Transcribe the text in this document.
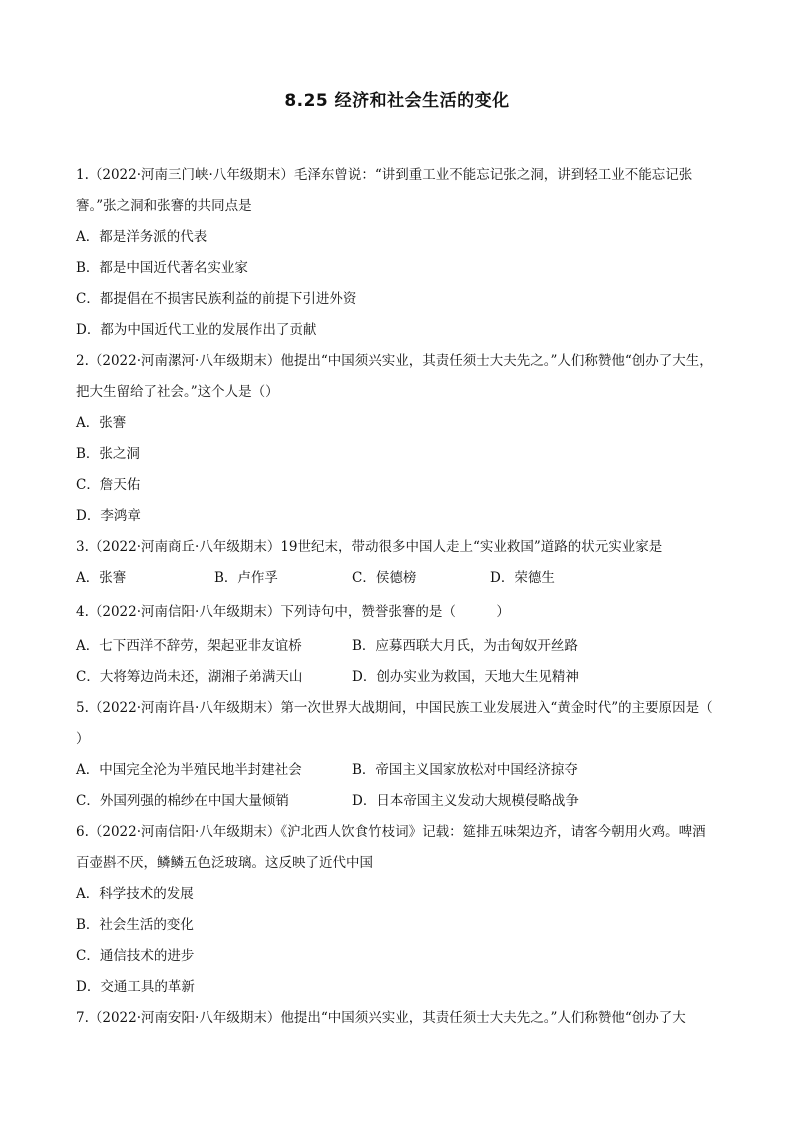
8.25 经济和社会生活的变化
1.（2022·河南三门峡·八年级期末）毛泽东曾说：“讲到重工业不能忘记张之洞，讲到轻工业不能忘记张謇。”张之洞和张謇的共同点是
A．都是洋务派的代表
B．都是中国近代著名实业家
C．都提倡在不损害民族利益的前提下引进外资
D．都为中国近代工业的发展作出了贡献
2.（2022·河南漯河·八年级期末）他提出“中国须兴实业，其责任须士大夫先之。”人们称赞他“创办了大生，把大生留给了社会。”这个人是（）
A．张謇
B．张之洞
C．詹天佑
D．李鸿章
3.（2022·河南商丘·八年级期末）19世纪末，带动很多中国人走上“实业救国”道路的状元实业家是
A．张謇	B．卢作孚	C．侯德榜	D．荣德生
4.（2022·河南信阳·八年级期末）下列诗句中，赞誉张謇的是（　　　）
A．七下西洋不辞劳，架起亚非友谊桥	B．应募西联大月氏，为击匈奴开丝路
C．大将筹边尚未还，湖湘子弟满天山	D．创办实业为救国，天地大生见精神
5.（2022·河南许昌·八年级期末）第一次世界大战期间，中国民族工业发展进入“黄金时代”的主要原因是（ ）
A．中国完全沦为半殖民地半封建社会	B．帝国主义国家放松对中国经济掠夺
C．外国列强的棉纱在中国大量倾销	D．日本帝国主义发动大规模侵略战争
6.（2022·河南信阳·八年级期末）《沪北西人饮食竹枝词》记载：筵排五味架边齐，请客今朝用火鸡。啤酒百壶斟不厌，鳞鳞五色泛玻璃。这反映了近代中国
A．科学技术的发展
B．社会生活的变化
C．通信技术的进步
D．交通工具的革新
7.（2022·河南安阳·八年级期末）他提出“中国须兴实业，其责任须士大夫先之。”人们称赞他“创办了大
